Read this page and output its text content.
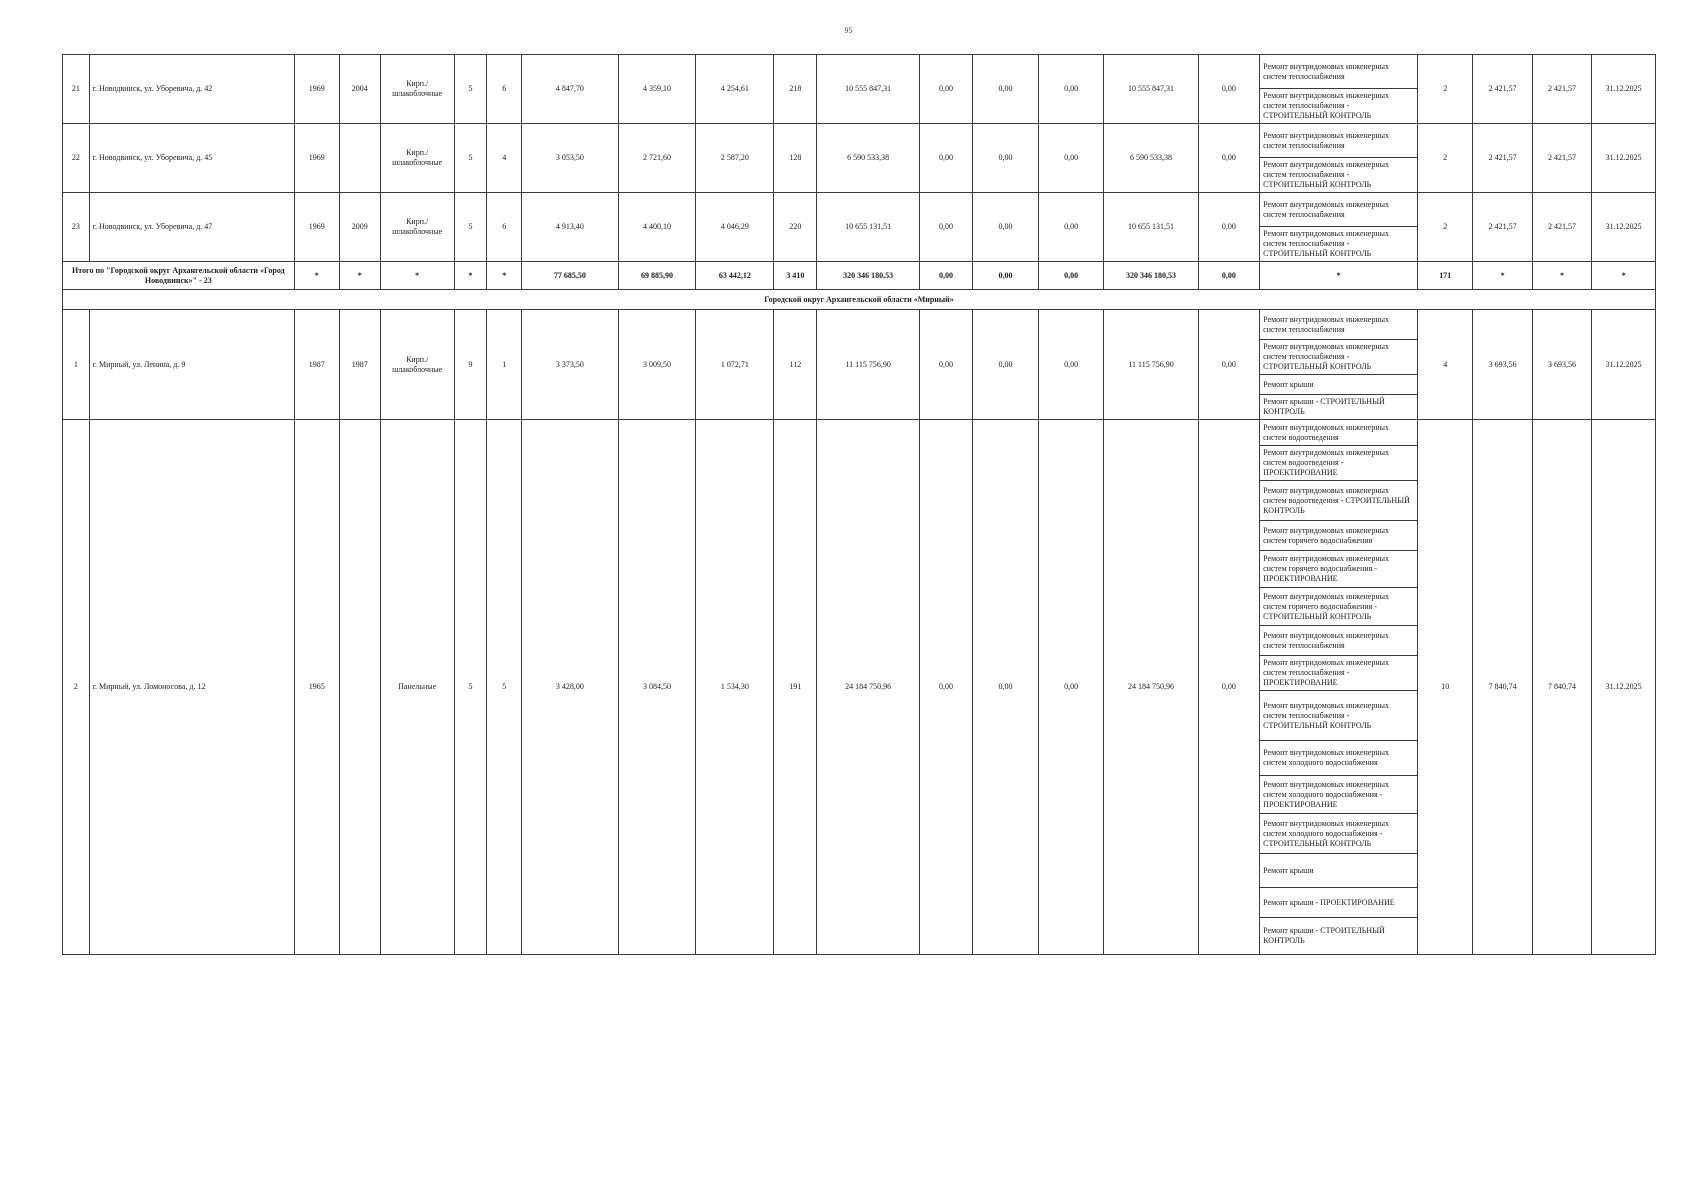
95
21	г. Новодвинск, ул. Уборевича, д. 42	1969	2004	Кирп./ шлакоблочные	5	6	4 847,70	4 359,10	4 254,61	218	10 555 847,31	0,00	0,00	0,00	10 555 847,31	0,00	Ремонт внутридомовых инженерных систем теплоснабжения	2	2 421,57	2 421,57	31.12.2025
																	Ремонт внутридомовых инженерных систем теплоснабжения - СТРОИТЕЛЬНЫЙ КОНТРОЛЬ				
22	г. Новодвинск, ул. Уборевича, д. 45	1969		Кирп./ шлакоблочные	5	4	3 053,50	2 721,60	2 587,20	128	6 590 533,38	0,00	0,00	0,00	6 590 533,38	0,00	Ремонт внутридомовых инженерных систем теплоснабжения	2	2 421,57	2 421,57	31.12.2025
																	Ремонт внутридомовых инженерных систем теплоснабжения - СТРОИТЕЛЬНЫЙ КОНТРОЛЬ				
23	г. Новодвинск, ул. Уборевича, д. 47	1969	2009	Кирп./ шлакоблочные	5	6	4 913,40	4 400,10	4 046,29	220	10 655 131,51	0,00	0,00	0,00	10 655 131,51	0,00	Ремонт внутридомовых инженерных систем теплоснабжения	2	2 421,57	2 421,57	31.12.2025
																	Ремонт внутридомовых инженерных систем теплоснабжения - СТРОИТЕЛЬНЫЙ КОНТРОЛЬ				
Итого по "Городской округ Архангельской области «Город Новодвинск»" - 23		*	*	*	*	*	77 685,50	69 885,90	63 442,12	3 410	320 346 180,53	0,00	0,00	0,00	320 346 180,53	0,00	*	171	*	*	*
Городской округ Архангельской области «Мирный»																					
1	г. Мирный, ул. Ленина, д. 9	1987	1987	Кирп./ шлакоблочные	9	1	3 373,50	3 009,50	1 072,71	112	11 115 756,90	0,00	0,00	0,00	11 115 756,90	0,00	Ремонт внутридомовых инженерных систем теплоснабжения	4	3 693,56	3 693,56	31.12.2025
																	Ремонт внутридомовых инженерных систем теплоснабжения - СТРОИТЕЛЬНЫЙ КОНТРОЛЬ				
																	Ремонт крыши				
																	Ремонт крыши - СТРОИТЕЛЬНЫЙ КОНТРОЛЬ				
2	г. Мирный, ул. Ломоносова, д. 12	1965		Панельные	5	5	3 428,00	3 084,50	1 534,30	191	24 184 750,96	0,00	0,00	0,00	24 184 750,96	0,00	Ремонт внутридомовых инженерных систем водоотведения	10	7 840,74	7 840,74	31.12.2025
																	Ремонт внутридомовых инженерных систем водоотведения - ПРОЕКТИРОВАНИЕ				
																	Ремонт внутридомовых инженерных систем водоотведения - СТРОИТЕЛЬНЫЙ КОНТРОЛЬ				
																	Ремонт внутридомовых инженерных систем горячего водоснабжения				
																	Ремонт внутридомовых инженерных систем горячего водоснабжения - ПРОЕКТИРОВАНИЕ				
																	Ремонт внутридомовых инженерных систем горячего водоснабжения - СТРОИТЕЛЬНЫЙ КОНТРОЛЬ				
																	Ремонт внутридомовых инженерных систем теплоснабжения				
																	Ремонт внутридомовых инженерных систем теплоснабжения - ПРОЕКТИРОВАНИЕ				
																	Ремонт внутридомовых инженерных систем теплоснабжения - СТРОИТЕЛЬНЫЙ КОНТРОЛЬ				
																	Ремонт внутридомовых инженерных систем холодного водоснабжения				
																	Ремонт внутридомовых инженерных систем холодного водоснабжения - ПРОЕКТИРОВАНИЕ				
																	Ремонт внутридомовых инженерных систем холодного водоснабжения - СТРОИТЕЛЬНЫЙ КОНТРОЛЬ				
																	Ремонт крыши				
																	Ремонт крыши - ПРОЕКТИРОВАНИЕ				
																	Ремонт крыши - СТРОИТЕЛЬНЫЙ КОНТРОЛЬ				
